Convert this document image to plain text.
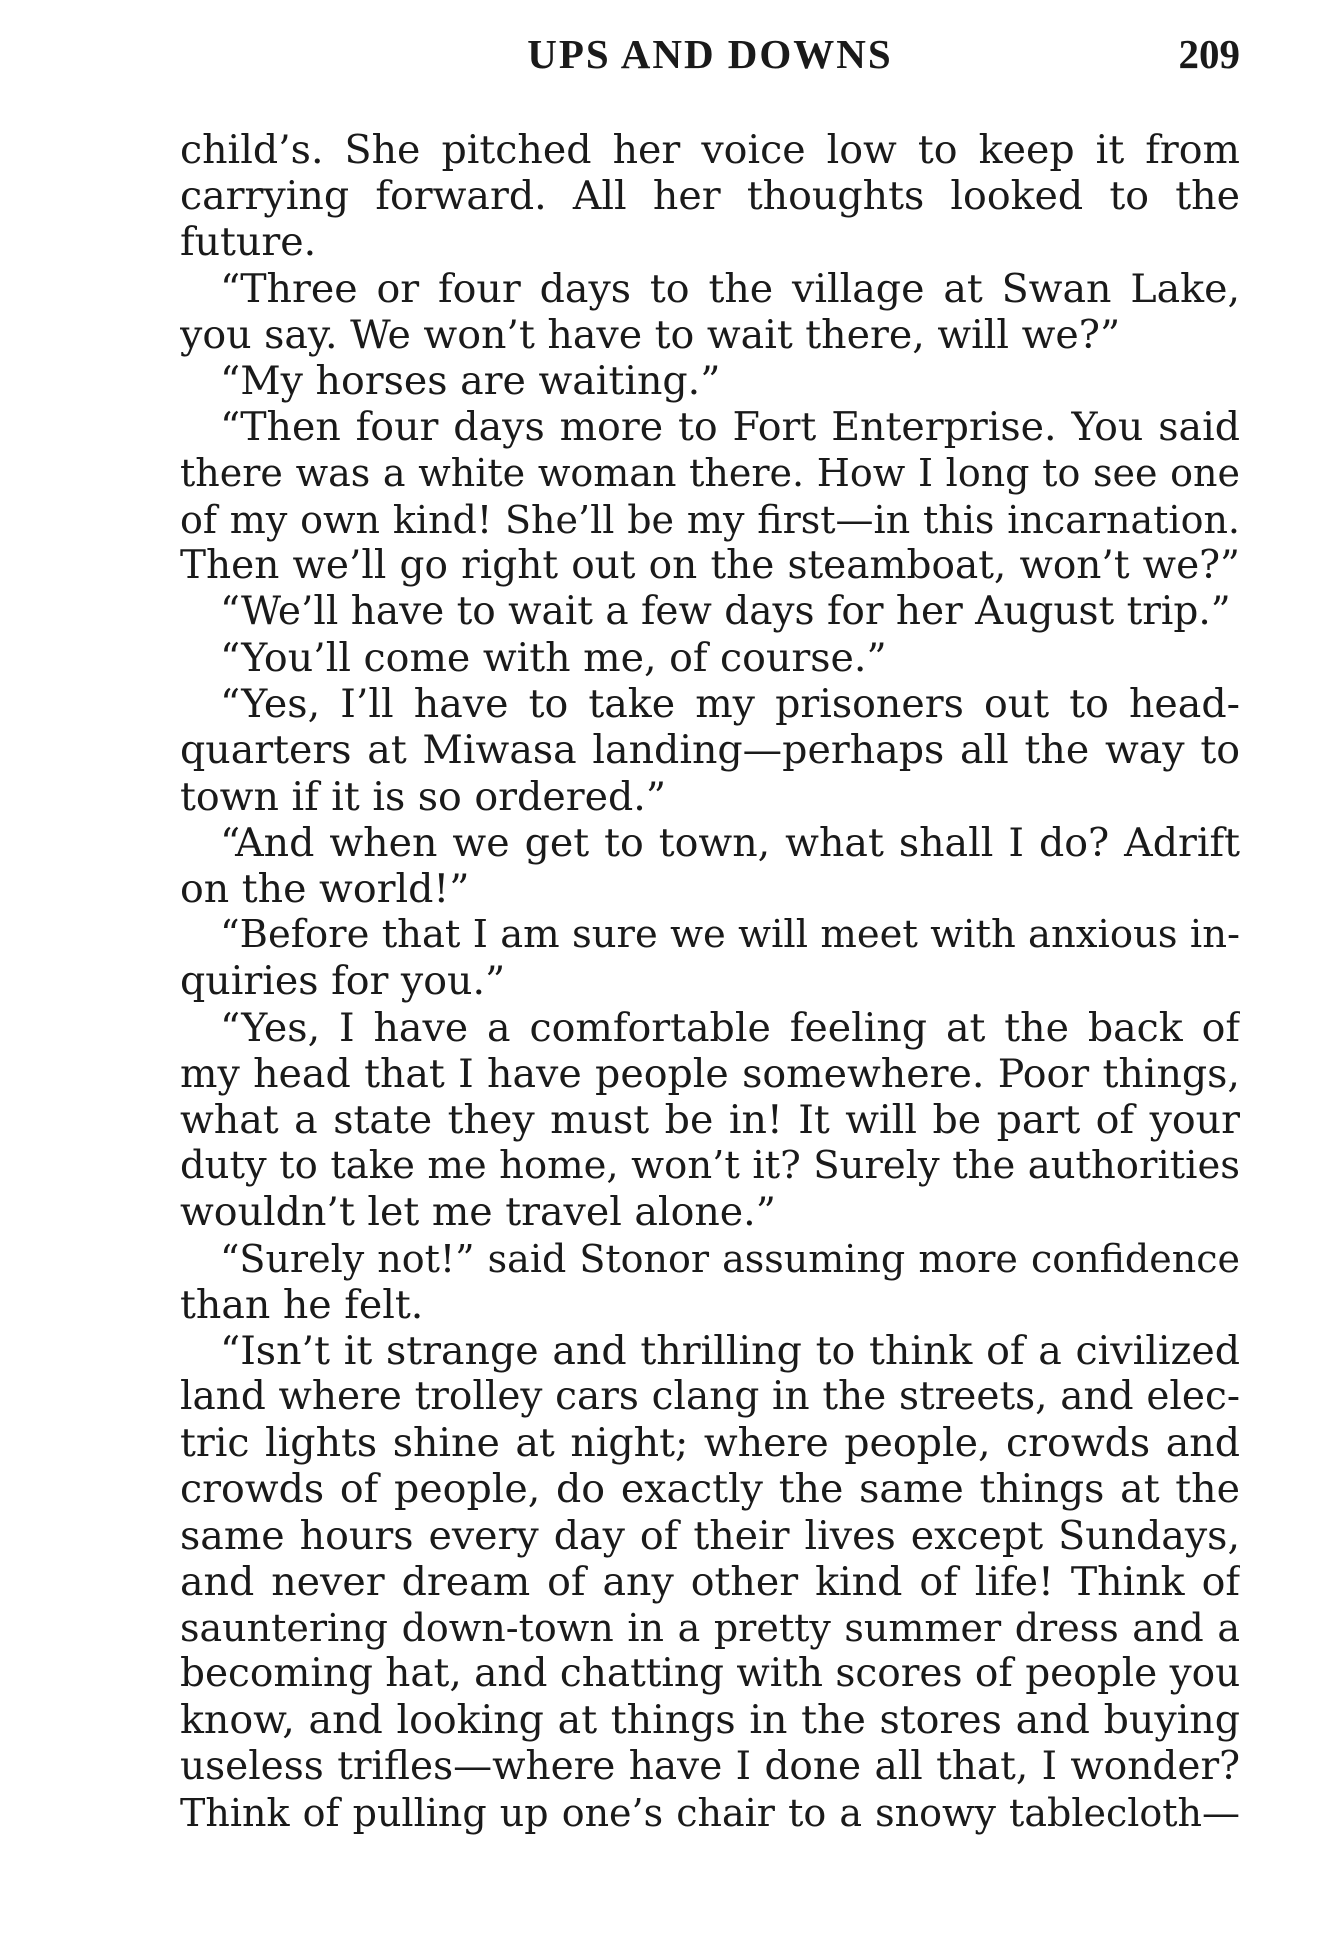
UPS AND DOWNS	209
child’s. She pitched her voice low to keep it from
carrying forward. All her thoughts looked to the
future.
“Three or four days to the village at Swan Lake,
you say. We won’t have to wait there, will we?”
“My horses are waiting.”
“Then four days more to Fort Enterprise. You said
there was a white woman there. How I long to see one
of my own kind! She’ll be my first—in this incarnation.
Then we’ll go right out on the steamboat, won’t we?”
“We’ll have to wait a few days for her August trip.”
“You’ll come with me, of course.”
“Yes, I’ll have to take my prisoners out to head-
quarters at Miwasa landing—perhaps all the way to
town if it is so ordered.”
“And when we get to town, what shall I do? Adrift
on the world!”
“Before that I am sure we will meet with anxious in-
quiries for you.”
“Yes, I have a comfortable feeling at the back of
my head that I have people somewhere. Poor things,
what a state they must be in! It will be part of your
duty to take me home, won’t it? Surely the authorities
wouldn’t let me travel alone.”
“Surely not!” said Stonor assuming more confidence
than he felt.
“Isn’t it strange and thrilling to think of a civilized
land where trolley cars clang in the streets, and elec-
tric lights shine at night; where people, crowds and
crowds of people, do exactly the same things at the
same hours every day of their lives except Sundays,
and never dream of any other kind of life! Think of
sauntering down-town in a pretty summer dress and a
becoming hat, and chatting with scores of people you
know, and looking at things in the stores and buying
useless trifles—where have I done all that, I wonder?
Think of pulling up one’s chair to a snowy tablecloth—
